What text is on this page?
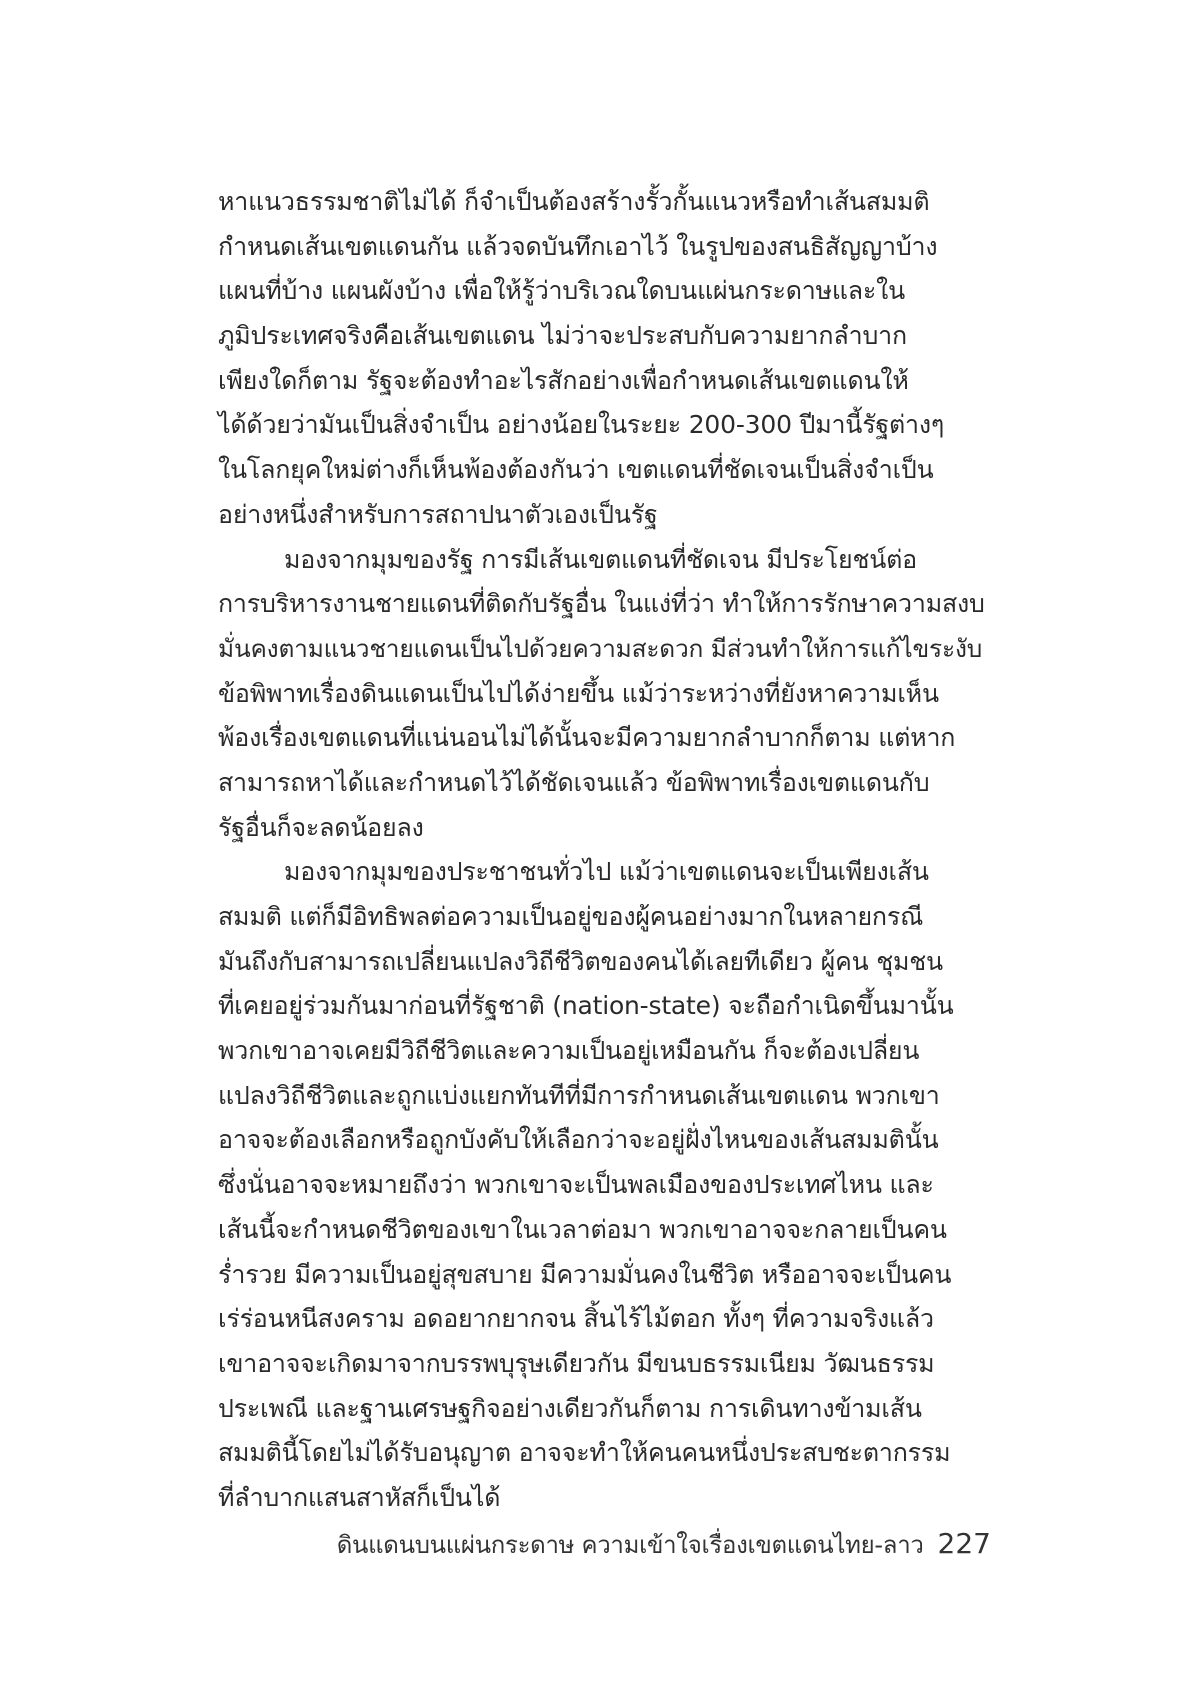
หาแนวธรรมชาติไม่ได้ ก็จำเป็นต้องสร้างรั้วกั้นแนวหรือทำเส้นสมมติ
กำหนดเส้นเขตแดนกัน แล้วจดบันทึกเอาไว้ ในรูปของสนธิสัญญาบ้าง
แผนที่บ้าง แผนผังบ้าง เพื่อให้รู้ว่าบริเวณใดบนแผ่นกระดาษและใน
ภูมิประเทศจริงคือเส้นเขตแดน ไม่ว่าจะประสบกับความยากลำบาก
เพียงใดก็ตาม รัฐจะต้องทำอะไรสักอย่างเพื่อกำหนดเส้นเขตแดนให้
ได้ด้วยว่ามันเป็นสิ่งจำเป็น อย่างน้อยในระยะ 200-300 ปีมานี้รัฐต่างๆ
ในโลกยุคใหม่ต่างก็เห็นพ้องต้องกันว่า เขตแดนที่ชัดเจนเป็นสิ่งจำเป็น
อย่างหนึ่งสำหรับการสถาปนาตัวเองเป็นรัฐ
มองจากมุมของรัฐ การมีเส้นเขตแดนที่ชัดเจน มีประโยชน์ต่อ
การบริหารงานชายแดนที่ติดกับรัฐอื่น ในแง่ที่ว่า ทำให้การรักษาความสงบ
มั่นคงตามแนวชายแดนเป็นไปด้วยความสะดวก มีส่วนทำให้การแก้ไขระงับ
ข้อพิพาทเรื่องดินแดนเป็นไปได้ง่ายขึ้น แม้ว่าระหว่างที่ยังหาความเห็น
พ้องเรื่องเขตแดนที่แน่นอนไม่ได้นั้นจะมีความยากลำบากก็ตาม แต่หาก
สามารถหาได้และกำหนดไว้ได้ชัดเจนแล้ว ข้อพิพาทเรื่องเขตแดนกับ
รัฐอื่นก็จะลดน้อยลง
มองจากมุมของประชาชนทั่วไป แม้ว่าเขตแดนจะเป็นเพียงเส้น
สมมติ แต่ก็มีอิทธิพลต่อความเป็นอยู่ของผู้คนอย่างมากในหลายกรณี
มันถึงกับสามารถเปลี่ยนแปลงวิถีชีวิตของคนได้เลยทีเดียว ผู้คน ชุมชน
ที่เคยอยู่ร่วมกันมาก่อนที่รัฐชาติ (nation-state) จะถือกำเนิดขึ้นมานั้น
พวกเขาอาจเคยมีวิถีชีวิตและความเป็นอยู่เหมือนกัน ก็จะต้องเปลี่ยน
แปลงวิถีชีวิตและถูกแบ่งแยกทันทีที่มีการกำหนดเส้นเขตแดน พวกเขา
อาจจะต้องเลือกหรือถูกบังคับให้เลือกว่าจะอยู่ฝั่งไหนของเส้นสมมตินั้น
ซึ่งนั่นอาจจะหมายถึงว่า พวกเขาจะเป็นพลเมืองของประเทศไหน และ
เส้นนี้จะกำหนดชีวิตของเขาในเวลาต่อมา พวกเขาอาจจะกลายเป็นคน
ร่ำรวย มีความเป็นอยู่สุขสบาย มีความมั่นคงในชีวิต หรืออาจจะเป็นคน
เร่ร่อนหนีสงคราม อดอยากยากจน สิ้นไร้ไม้ตอก ทั้งๆ ที่ความจริงแล้ว
เขาอาจจะเกิดมาจากบรรพบุรุษเดียวกัน มีขนบธรรมเนียม วัฒนธรรม
ประเพณี และฐานเศรษฐกิจอย่างเดียวกันก็ตาม การเดินทางข้ามเส้น
สมมตินี้โดยไม่ได้รับอนุญาต อาจจะทำให้คนคนหนึ่งประสบชะตากรรม
ที่ลำบากแสนสาหัสก็เป็นได้
ดินแดนบนแผ่นกระดาษ ความเข้าใจเรื่องเขตแดนไทย-ลาว 227
